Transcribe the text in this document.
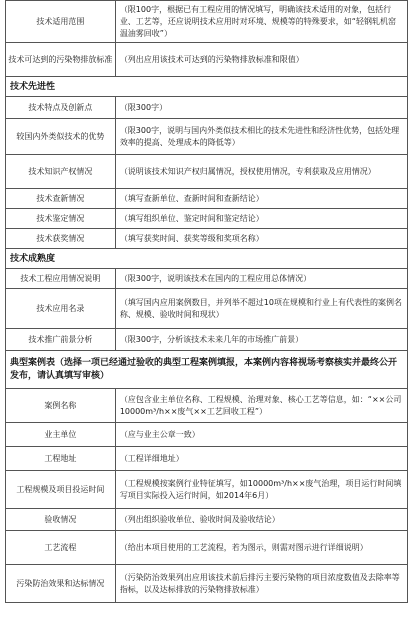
技术适用范围	（限100字，根据已有工程应用的情况填写，明确该技术适用的对象，包括行业、工艺等，还应说明技术应用时对环境、规模等的特殊要求，如“轻钢轧机窑温油雾回收”）
技术可达到的污染物排放标准	（列出应用该技术可达到的污染物排放标准和限值）
技术先进性	
技术特点及创新点	（限300字）
较国内外类似技术的优势	（限300字，说明与国内外类似技术相比的技术先进性和经济性优势，包括处理效率的提高、处理成本的降低等）
技术知识产权情况	（说明该技术知识产权归属情况，授权使用情况，专利获取及应用情况）
技术查新情况	（填写查新单位、查新时间和查新结论）
技术鉴定情况	（填写组织单位、鉴定时间和鉴定结论）
技术获奖情况	（填写获奖时间、获奖等级和奖项名称）
技术成熟度	
技术工程应用情况说明	（限300字，说明该技术在国内的工程应用总体情况）
技术应用名录	（填写国内应用案例数目，并列举不超过10项在规模和行业上有代表性的案例名称、规模、验收时间和现状）
技术推广前景分析	（限300字，分析该技术未来几年的市场推广前景）
典型案例表（选择一项已经通过验收的典型工程案例填报，本案例内容将视场考察核实并最终公开发布，请认真填写审核）	
案例名称	（应包含业主单位名称、工程规模、治理对象、核心工艺等信息，如：“××公司10000m³/h××废气××工艺回收工程”）
业主单位	（应与业主公章一致）
工程地址	（工程详细地址）
工程规模及项目投运时间	（工程规模按案例行业特征填写，如10000m³/h××废气治理，项目运行时间填写项目实际投入运行时间，如2014年6月）
验收情况	（列出组织验收单位、验收时间及验收结论）
工艺流程	（给出本项目使用的工艺流程，若为图示，则需对图示进行详细说明）
污染防治效果和达标情况	（污染防治效果列出应用该技术前后排污主要污染物的项目浓度数值及去除率等指标，以及达标排放的污染物排放标准）
